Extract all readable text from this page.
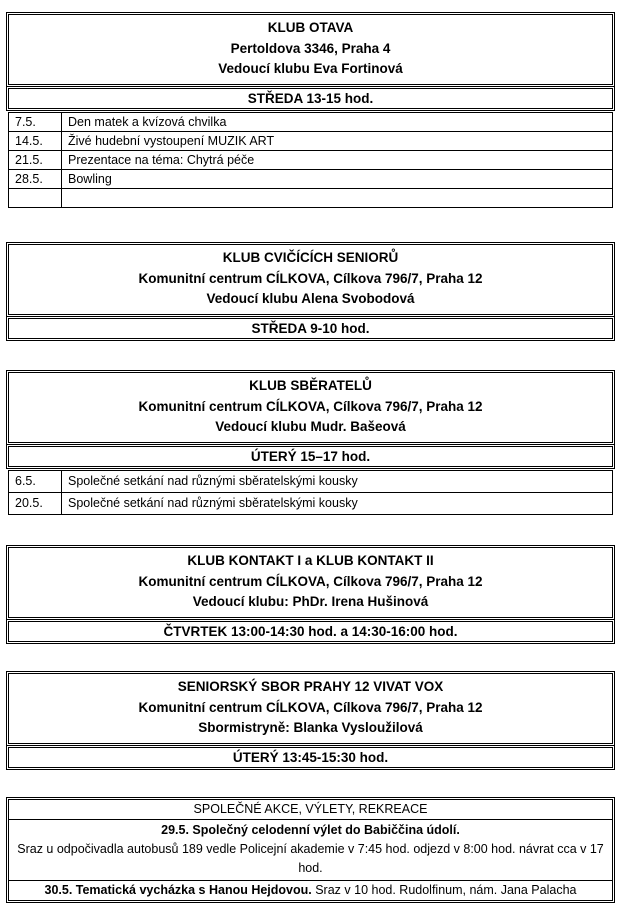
KLUB OTAVA
Pertoldova 3346, Praha 4
Vedoucí klubu Eva Fortinová
STŘEDA 13-15 hod.
7.5.	Den matek a kvízová chvilka
14.5.	Živé hudební vystoupení MUZIK ART
21.5.	Prezentace na téma: Chytrá péče
28.5.	Bowling

KLUB CVIČÍCÍCH SENIORŮ
Komunitní centrum CÍLKOVA, Cílkova 796/7, Praha 12
Vedoucí klubu Alena Svobodová
STŘEDA 9-10 hod.
KLUB SBĚRATELŮ
Komunitní centrum CÍLKOVA, Cílkova 796/7, Praha 12
Vedoucí klubu Mudr. Bašeová
ÚTERÝ 15–17 hod.
6.5.	Společné setkání nad různými sběratelskými kousky
20.5.	Společné setkání nad různými sběratelskými kousky
KLUB KONTAKT I a KLUB KONTAKT II
Komunitní centrum CÍLKOVA, Cílkova 796/7, Praha 12
Vedoucí klubu: PhDr. Irena Hušinová
ČTVRTEK 13:00-14:30 hod. a 14:30-16:00 hod.
SENIORSKÝ SBOR PRAHY 12 VIVAT VOX
Komunitní centrum CÍLKOVA, Cílkova 796/7, Praha 12
Sbormistryně: Blanka Vysloužilová
ÚTERÝ 13:45-15:30 hod.
SPOLEČNÉ AKCE, VÝLETY, REKREACE
29.5. Společný celodenní výlet do Babiččina údolí.
Sraz u odpočivadla autobusů 189 vedle Policejní akademie v 7:45 hod. odjezd v 8:00 hod. návrat cca v 17 hod.
30.5. Tematická vycházka s Hanou Hejdovou. Sraz v 10 hod. Rudolfinum, nám. Jana Palacha
